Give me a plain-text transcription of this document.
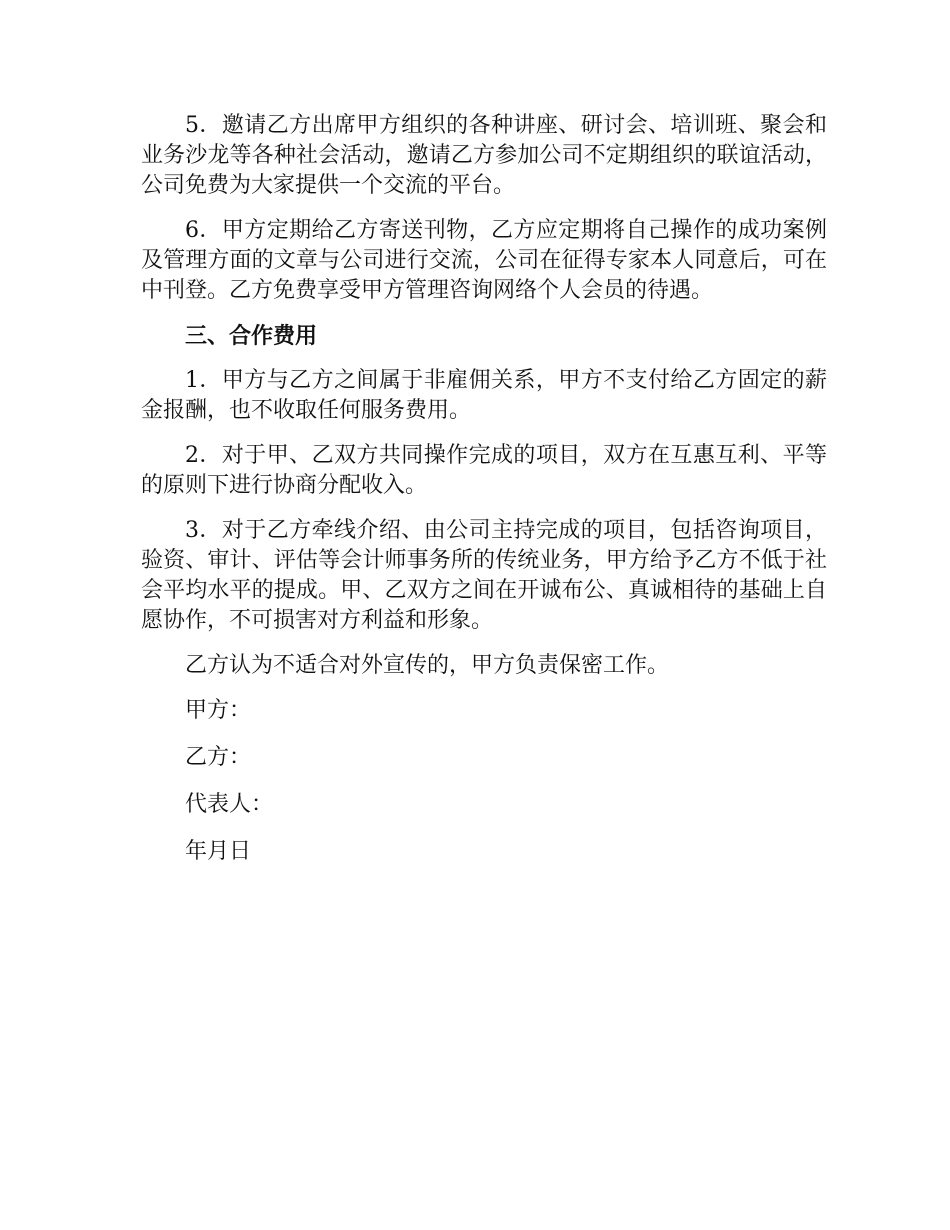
5．邀请乙方出席甲方组织的各种讲座、研讨会、培训班、聚会和业务沙龙等各种社会活动，邀请乙方参加公司不定期组织的联谊活动，公司免费为大家提供一个交流的平台。

6．甲方定期给乙方寄送刊物，乙方应定期将自己操作的成功案例及管理方面的文章与公司进行交流，公司在征得专家本人同意后，可在中刊登。乙方免费享受甲方管理咨询网络个人会员的待遇。

三、合作费用

1．甲方与乙方之间属于非雇佣关系，甲方不支付给乙方固定的薪金报酬，也不收取任何服务费用。

2．对于甲、乙双方共同操作完成的项目，双方在互惠互利、平等的原则下进行协商分配收入。

3．对于乙方牵线介绍、由公司主持完成的项目，包括咨询项目，验资、审计、评估等会计师事务所的传统业务，甲方给予乙方不低于社会平均水平的提成。甲、乙双方之间在开诚布公、真诚相待的基础上自愿协作，不可损害对方利益和形象。

乙方认为不适合对外宣传的，甲方负责保密工作。

甲方：

乙方：

代表人：

年月日
